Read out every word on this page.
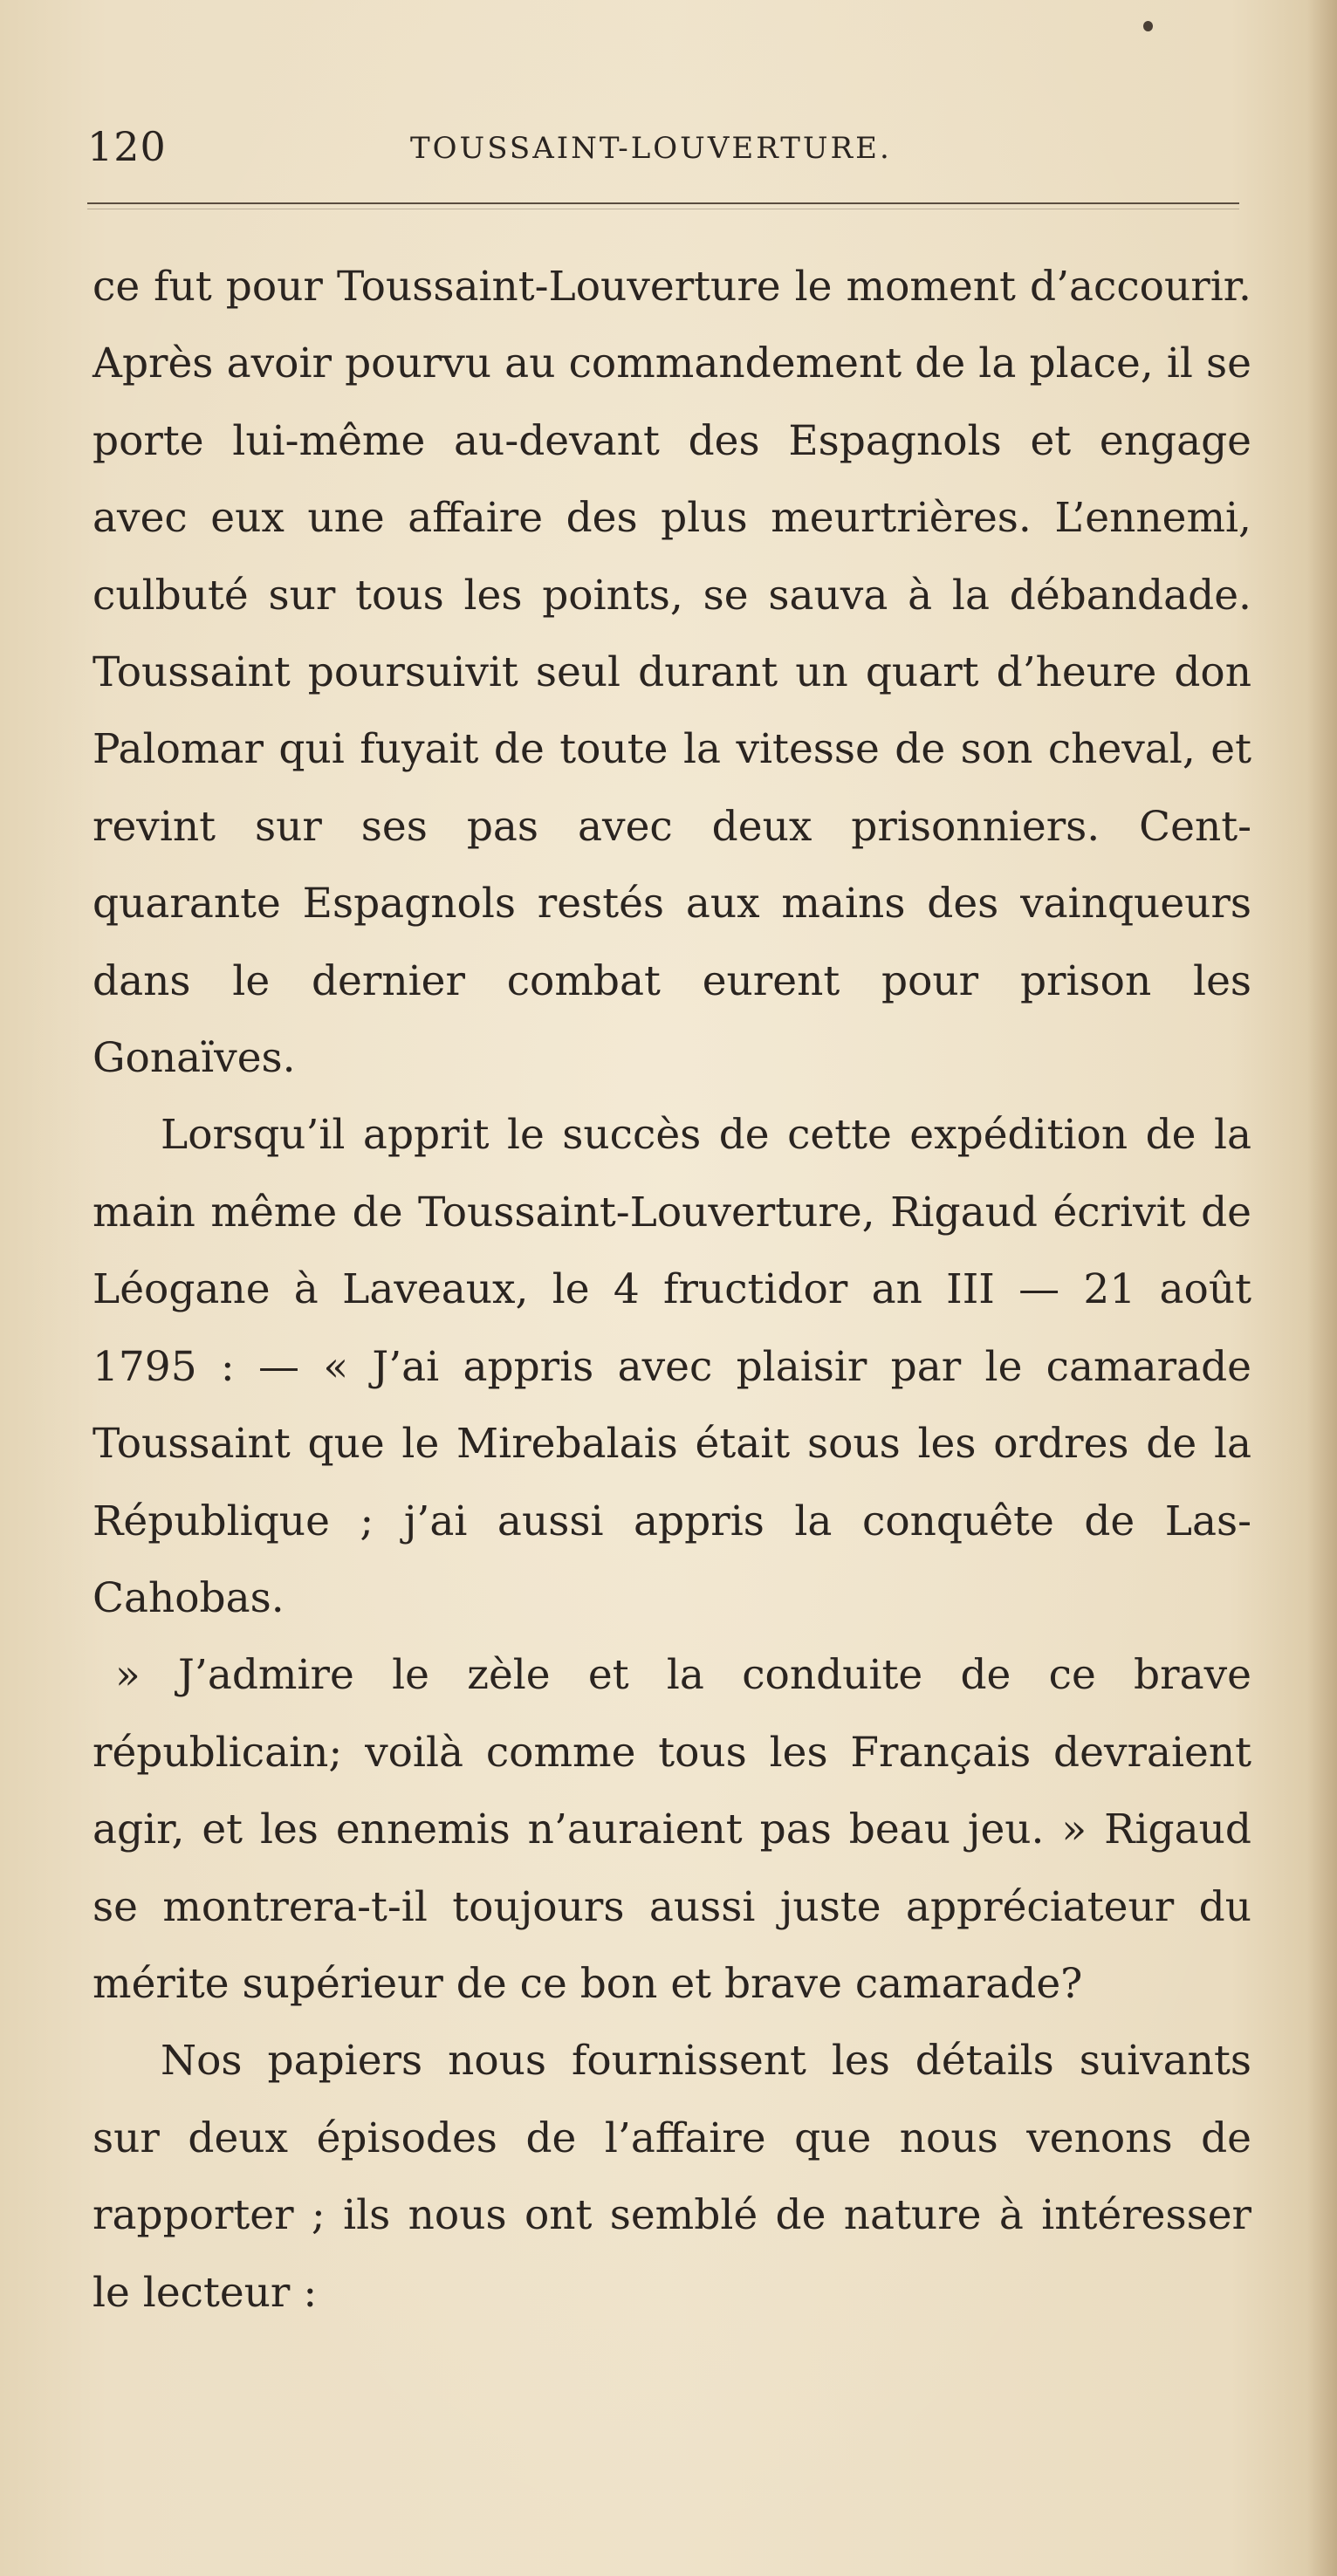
120	TOUSSAINT-LOUVERTURE.

ce fut pour Toussaint-Louverture le moment d’accourir. Après avoir pourvu au commandement de la place, il se porte lui-même au-devant des Espagnols et engage avec eux une affaire des plus meurtrières. L’ennemi, culbuté sur tous les points, se sauva à la débandade. Toussaint poursuivit seul durant un quart d’heure don Palomar qui fuyait de toute la vitesse de son cheval, et revint sur ses pas avec deux prisonniers. Cent-quarante Espagnols restés aux mains des vainqueurs dans le dernier combat eurent pour prison les Gonaïves.

Lorsqu’il apprit le succès de cette expédition de la main même de Toussaint-Louverture, Rigaud écrivit de Léogane à Laveaux, le 4 fructidor an III — 21 août 1795 : — « J’ai appris avec plaisir par le camarade Toussaint que le Mirebalais était sous les ordres de la République ; j’ai aussi appris la conquête de Las-Cahobas.

» J’admire le zèle et la conduite de ce brave républicain; voilà comme tous les Français devraient agir, et les ennemis n’auraient pas beau jeu. » Rigaud se montrera-t-il toujours aussi juste appréciateur du mérite supérieur de ce bon et brave camarade?

Nos papiers nous fournissent les détails suivants sur deux épisodes de l’affaire que nous venons de rapporter ; ils nous ont semblé de nature à intéresser le lecteur :
